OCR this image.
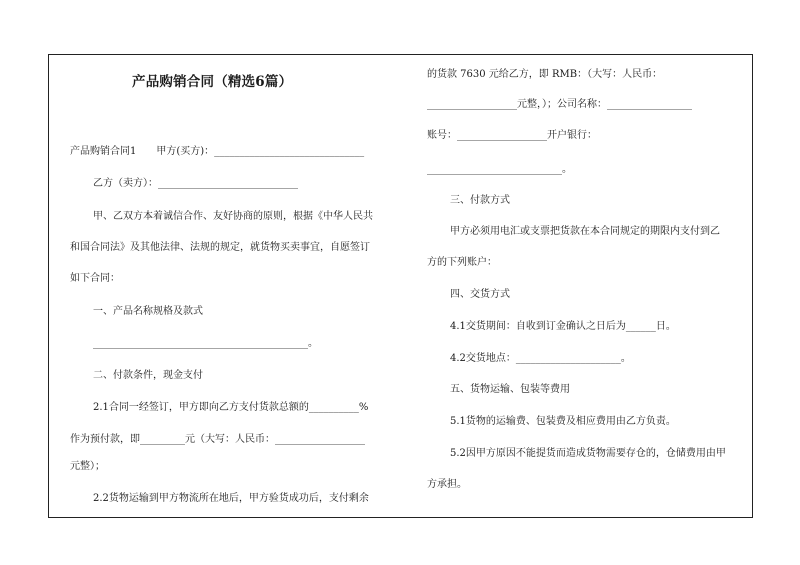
产品购销合同（精选6篇）
产品购销合同1　　甲方(买方)：______________________________
乙方（卖方）：____________________________
甲、乙双方本着诚信合作、友好协商的原则，根据《中华人民共
和国合同法》及其他法律、法规的规定，就货物买卖事宜，自愿签订
如下合同：
一、产品名称规格及款式
___________________________________________。
二、付款条件，现金支付
2.1合同一经签订，甲方即向乙方支付货款总额的__________%
作为预付款，即_________元（大写：人民币：__________________
元整）；
2.2货物运输到甲方物流所在地后，甲方验货成功后，支付剩余
的货款 7630 元给乙方，即 RMB：（大写：人民币：
__________________元整，）；公司名称：_________________
账号：__________________开户银行：
___________________________。
三、付款方式
甲方必须用电汇或支票把货款在本合同规定的期限内支付到乙
方的下列账户：
四、交货方式
4.1交货期间：自收到订金确认之日后为______日。
4.2交货地点：_____________________。
五、货物运输、包装等费用
5.1货物的运输费、包装费及相应费用由乙方负责。
5.2因甲方原因不能提货而造成货物需要存仓的，仓储费用由甲
方承担。
